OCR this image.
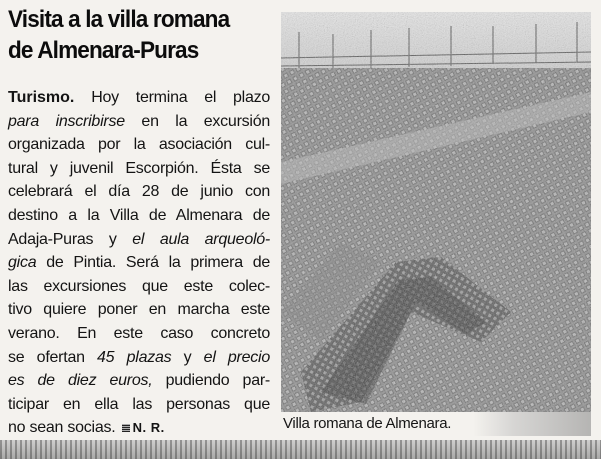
Visita a la villa romana
de Almenara-Puras
Turismo. Hoy termina el plazo
para inscribirse en la excursión
organizada por la asociación cul-
tural y juvenil Escorpión. Ésta se
celebrará el día 28 de junio con
destino a la Villa de Almenara de
Adaja-Puras y el aula arqueoló-
gica de Pintia. Será la primera de
las excursiones que este colec-
tivo quiere poner en marcha este
verano. En este caso concreto
se ofertan 45 plazas y el precio
es de diez euros, pudiendo par-
ticipar en ella las personas que
no sean socias. N. R.	Villa romana de Almenara.
